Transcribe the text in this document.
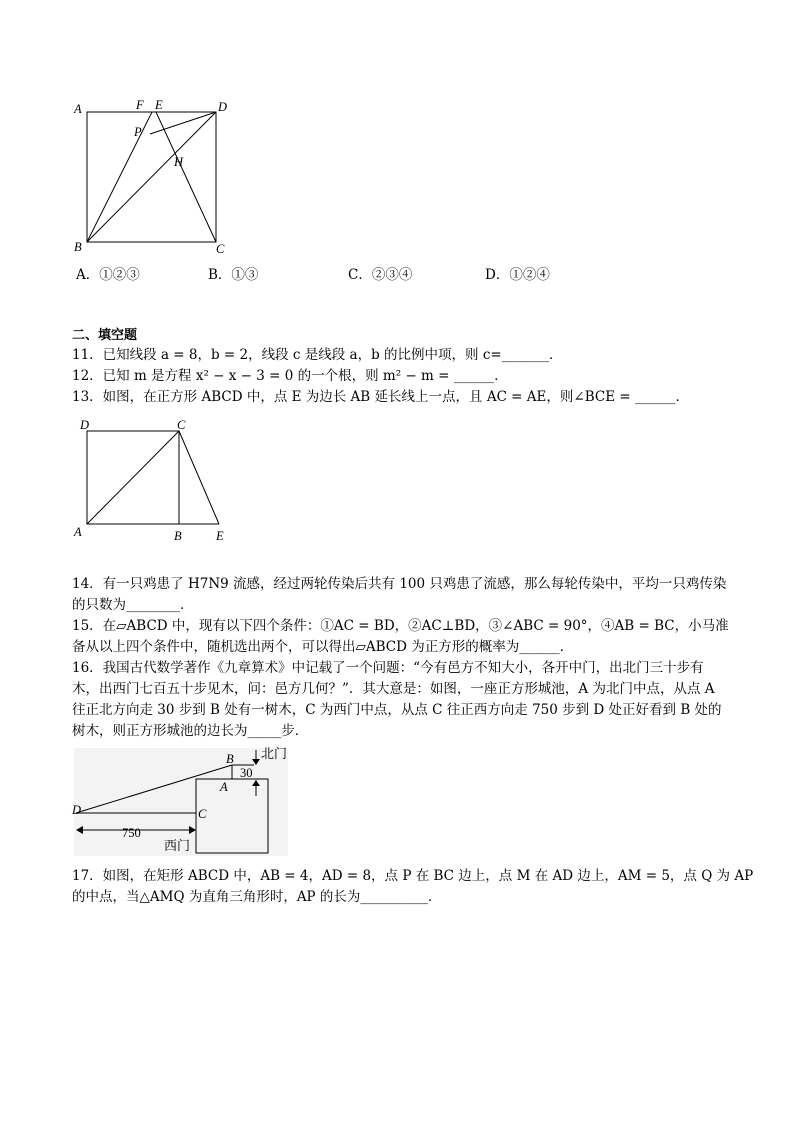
A	F E	D
P
H
B	C
A．①②③	B．①③	C．②③④	D．①②④
二、填空题
11．已知线段 a = 8，b = 2，线段 c 是线段 a，b 的比例中项，则 c=_______．
12．已知 m 是方程 x² − x − 3 = 0 的一个根，则 m² − m = ______．
13．如图，在正方形 ABCD 中，点 E 为边长 AB 延长线上一点，且 AC = AE，则∠BCE = ______．
D	C
A	B	E
14．有一只鸡患了 H7N9 流感，经过两轮传染后共有 100 只鸡患了流感，那么每轮传染中，平均一只鸡传染
的只数为________．
15．在▱ABCD 中，现有以下四个条件：①AC = BD，②AC⊥BD，③∠ABC = 90°，④AB = BC，小马准
备从以上四个条件中，随机选出两个，可以得出▱ABCD 为正方形的概率为______．
16．我国古代数学著作《九章算术》中记载了一个问题：“今有邑方不知大小，各开中门，出北门三十步有
木，出西门七百五十步见木，问：邑方几何？”．其大意是：如图，一座正方形城池，A 为北门中点，从点 A
往正北方向走 30 步到 B 处有一树木，C 为西门中点，从点 C 往正西方向走 750 步到 D 处正好看到 B 处的
树木，则正方形城池的边长为_____步．
B
A
C
D
北门
西门
30
750
17．如图，在矩形 ABCD 中，AB = 4，AD = 8，点 P 在 BC 边上，点 M 在 AD 边上，AM = 5，点 Q 为 AP
的中点，当△AMQ 为直角三角形时，AP 的长为__________．
